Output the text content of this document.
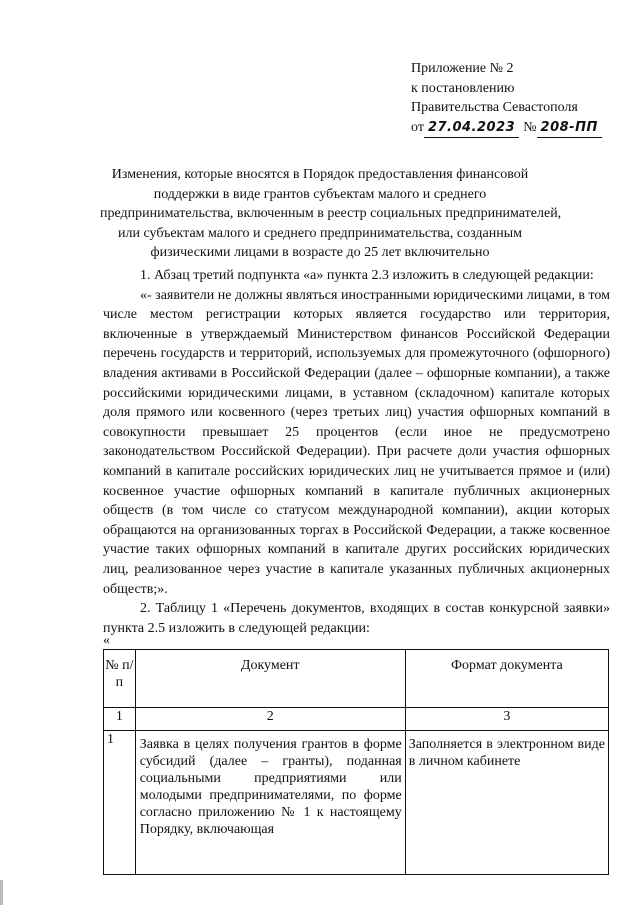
Приложение № 2
к постановлению
Правительства Севастополя
от 27.04.2023 № 208-ПП
Изменения, которые вносятся в Порядок предоставления финансовой
поддержки в виде грантов субъектам малого и среднего
предпринимательства, включенным в реестр социальных предпринимателей,
или субъектам малого и среднего предпринимательства, созданным
физическими лицами в возрасте до 25 лет включительно

1. Абзац третий подпункта «а» пункта 2.3 изложить в следующей редакции:

«- заявители не должны являться иностранными юридическими лицами, в том числе местом регистрации которых является государство или территория, включенные в утверждаемый Министерством финансов Российской Федерации перечень государств и территорий, используемых для промежуточного (офшорного) владения активами в Российской Федерации (далее – офшорные компании), а также российскими юридическими лицами, в уставном (складочном) капитале которых доля прямого или косвенного (через третьих лиц) участия офшорных компаний в совокупности превышает 25 процентов (если иное не предусмотрено законодательством Российской Федерации). При расчете доли участия офшорных компаний в капитале российских юридических лиц не учитывается прямое и (или) косвенное участие офшорных компаний в капитале публичных акционерных обществ (в том числе со статусом международной компании), акции которых обращаются на организованных торгах в Российской Федерации, а также косвенное участие таких офшорных компаний в капитале других российских юридических лиц, реализованное через участие в капитале указанных публичных акционерных обществ;».

2. Таблицу 1 «Перечень документов, входящих в состав конкурсной заявки» пункта 2.5 изложить в следующей редакции:

«
№ п/п	Документ	Формат документа
1	2	3
1	Заявка в целях получения грантов в форме субсидий (далее – гранты), поданная социальными предприятиями или молодыми предпринимателями, по форме согласно приложению № 1 к настоящему Порядку, включающая	Заполняется в электронном виде в личном кабинете
